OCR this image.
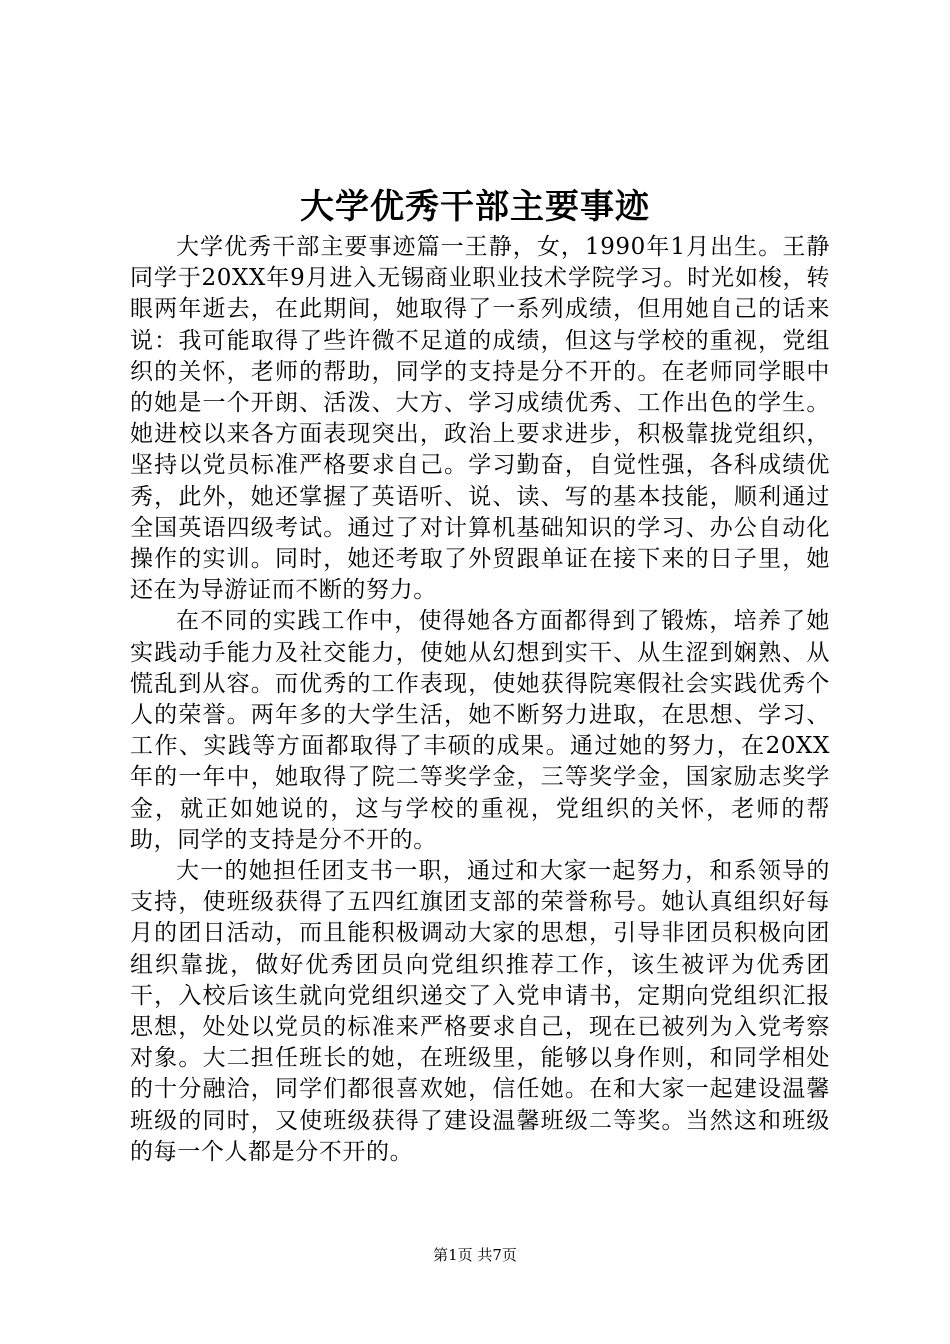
大学优秀干部主要事迹

大学优秀干部主要事迹篇一王静，女，1990年1月出生。王静同学于20XX年9月进入无锡商业职业技术学院学习。时光如梭，转眼两年逝去，在此期间，她取得了一系列成绩，但用她自己的话来说：我可能取得了些许微不足道的成绩，但这与学校的重视，党组织的关怀，老师的帮助，同学的支持是分不开的。在老师同学眼中的她是一个开朗、活泼、大方、学习成绩优秀、工作出色的学生。她进校以来各方面表现突出，政治上要求进步，积极靠拢党组织，坚持以党员标准严格要求自己。学习勤奋，自觉性强，各科成绩优秀，此外，她还掌握了英语听、说、读、写的基本技能，顺利通过全国英语四级考试。通过了对计算机基础知识的学习、办公自动化操作的实训。同时，她还考取了外贸跟单证在接下来的日子里，她还在为导游证而不断的努力。

在不同的实践工作中，使得她各方面都得到了锻炼，培养了她实践动手能力及社交能力，使她从幻想到实干、从生涩到娴熟、从慌乱到从容。而优秀的工作表现，使她获得院寒假社会实践优秀个人的荣誉。两年多的大学生活，她不断努力进取，在思想、学习、工作、实践等方面都取得了丰硕的成果。通过她的努力，在20XX年的一年中，她取得了院二等奖学金，三等奖学金，国家励志奖学金，就正如她说的，这与学校的重视，党组织的关怀，老师的帮助，同学的支持是分不开的。

大一的她担任团支书一职，通过和大家一起努力，和系领导的支持，使班级获得了五四红旗团支部的荣誉称号。她认真组织好每月的团日活动，而且能积极调动大家的思想，引导非团员积极向团组织靠拢，做好优秀团员向党组织推荐工作，该生被评为优秀团干，入校后该生就向党组织递交了入党申请书，定期向党组织汇报思想，处处以党员的标准来严格要求自己，现在已被列为入党考察对象。大二担任班长的她，在班级里，能够以身作则，和同学相处的十分融洽，同学们都很喜欢她，信任她。在和大家一起建设温馨班级的同时，又使班级获得了建设温馨班级二等奖。当然这和班级的每一个人都是分不开的。

第1页 共7页
